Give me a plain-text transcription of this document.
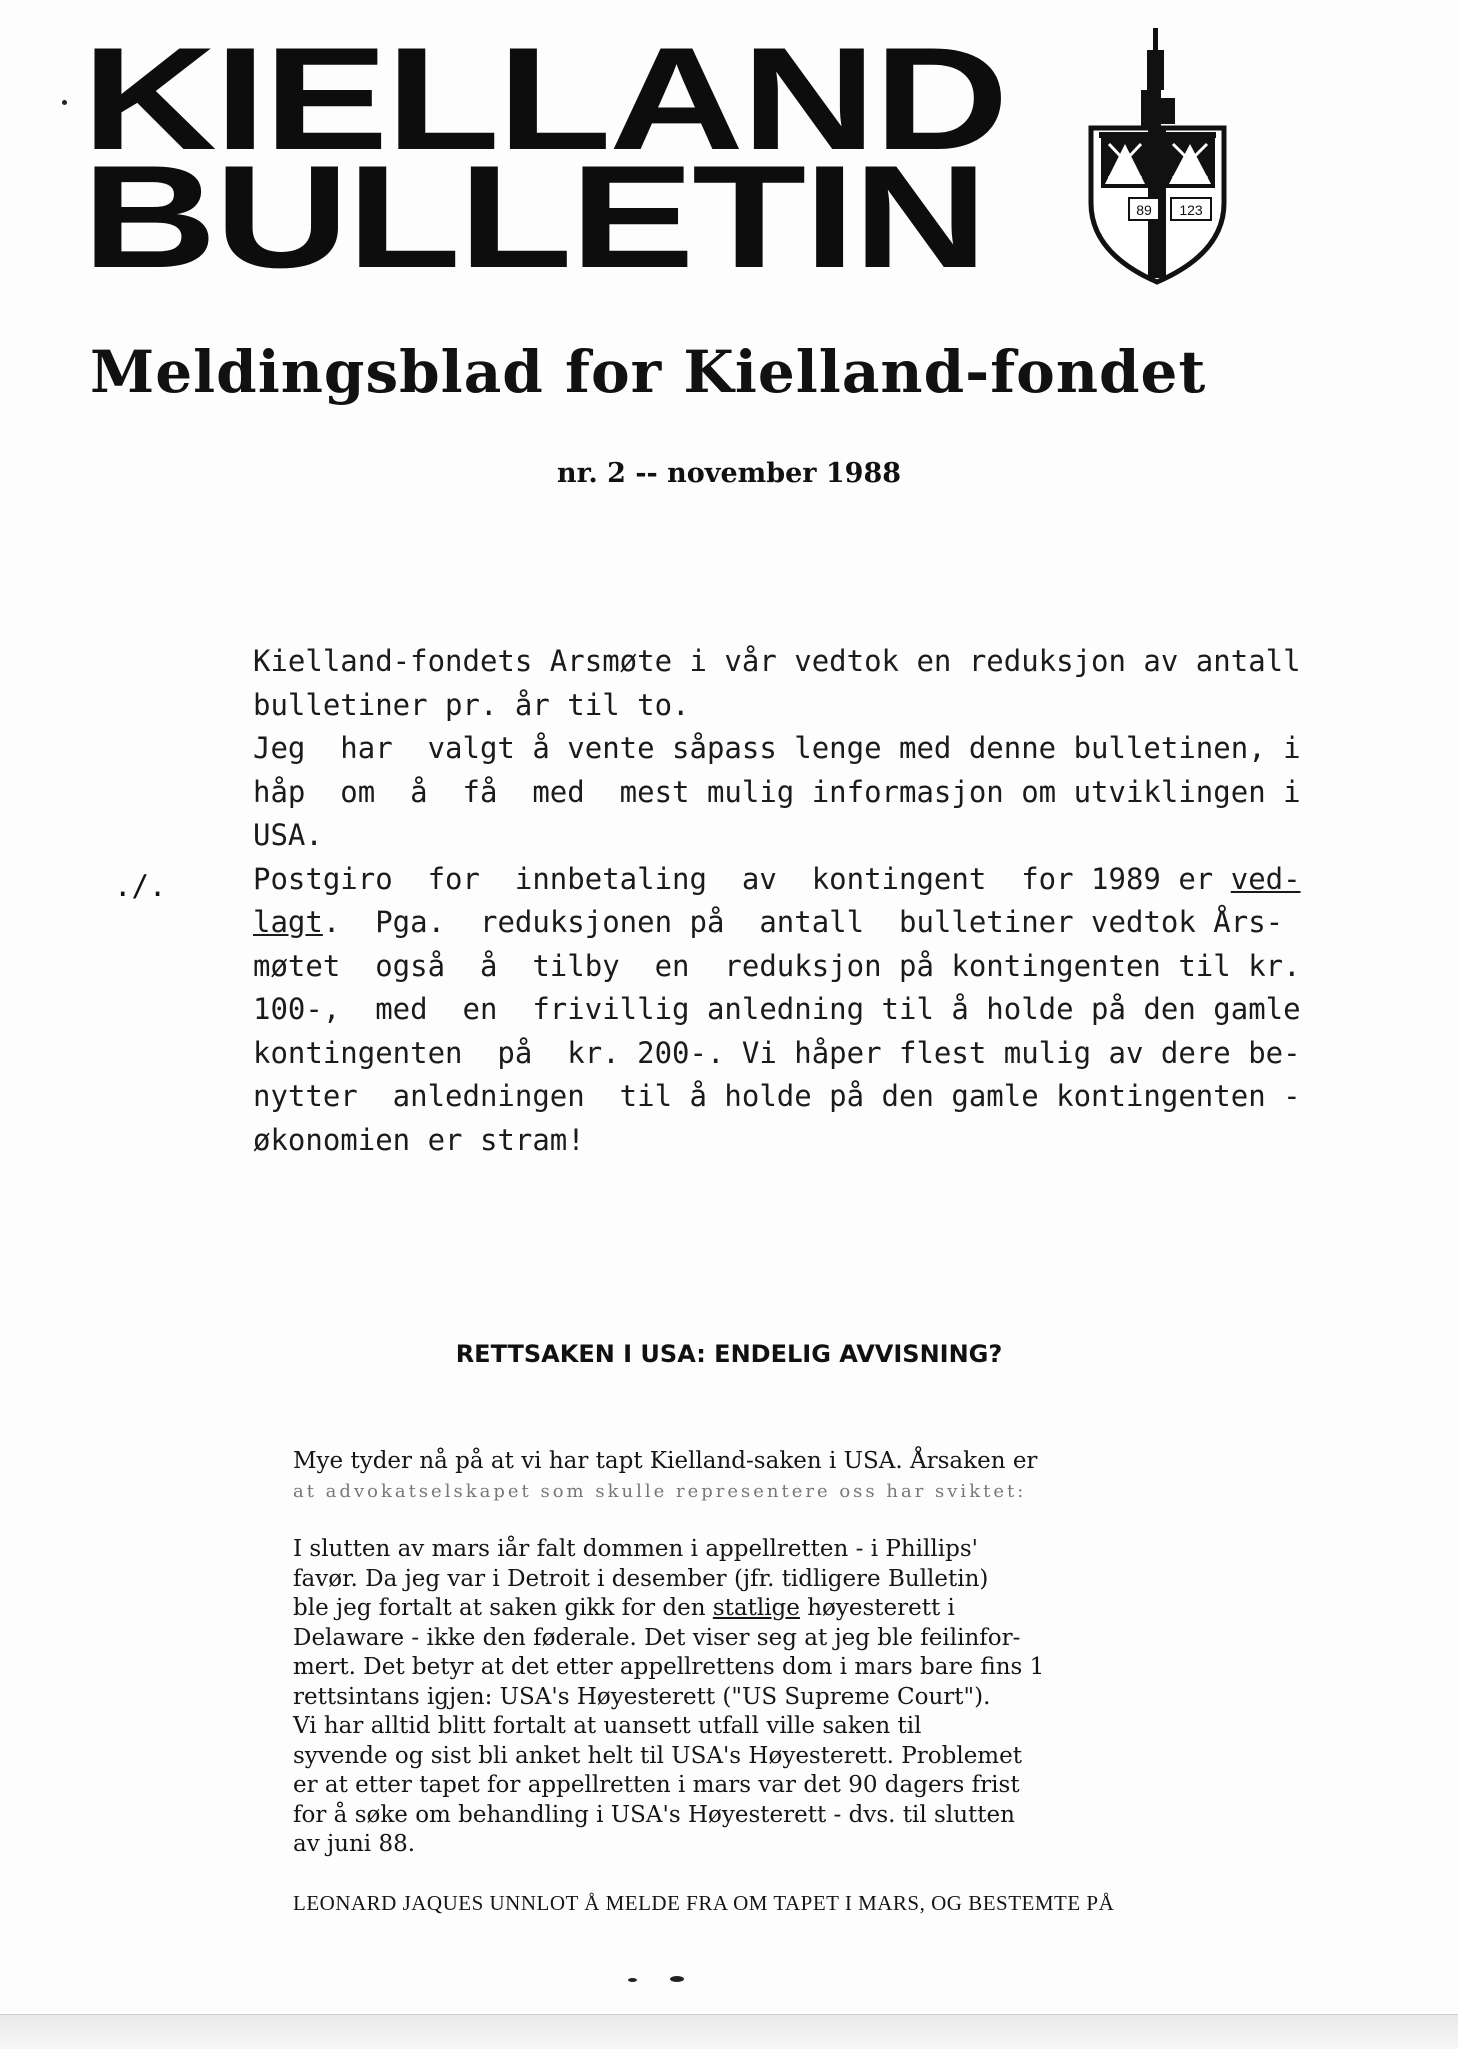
KIELLAND
BULLETIN	89 123
Meldingsblad for Kielland-fondet
nr. 2 -- november 1988
./.
Kielland-fondets Arsmøte i vår vedtok en reduksjon av antall
bulletiner pr. år til to.
Jeg  har  valgt å vente såpass lenge med denne bulletinen, i
håp  om  å  få  med  mest mulig informasjon om utviklingen i
USA.
Postgiro  for  innbetaling  av  kontingent  for 1989 er ved-
lagt.  Pga.  reduksjonen på  antall  bulletiner vedtok Års-
møtet  også  å  tilby  en  reduksjon på kontingenten til kr.
100-,  med  en  frivillig anledning til å holde på den gamle
kontingenten  på  kr. 200-. Vi håper flest mulig av dere be-
nytter  anledningen  til å holde på den gamle kontingenten -
økonomien er stram!
RETTSAKEN I USA: ENDELIG AVVISNING?
Mye tyder nå på at vi har tapt Kielland-saken i USA. Årsaken er
at advokatselskapet som skulle representere oss har sviktet:
I slutten av mars iår falt dommen i appellretten - i Phillips'
favør. Da jeg var i Detroit i desember (jfr. tidligere Bulletin)
ble jeg fortalt at saken gikk for den statlige høyesterett i
Delaware - ikke den føderale. Det viser seg at jeg ble feilinfor-
mert. Det betyr at det etter appellrettens dom i mars bare fins 1
rettsintans igjen: USA's Høyesterett ("US Supreme Court").
Vi har alltid blitt fortalt at uansett utfall ville saken til
syvende og sist bli anket helt til USA's Høyesterett. Problemet
er at etter tapet for appellretten i mars var det 90 dagers frist
for å søke om behandling i USA's Høyesterett - dvs. til slutten
av juni 88.
LEONARD JAQUES UNNLOT Å MELDE FRA OM TAPET I MARS, OG BESTEMTE PÅ
